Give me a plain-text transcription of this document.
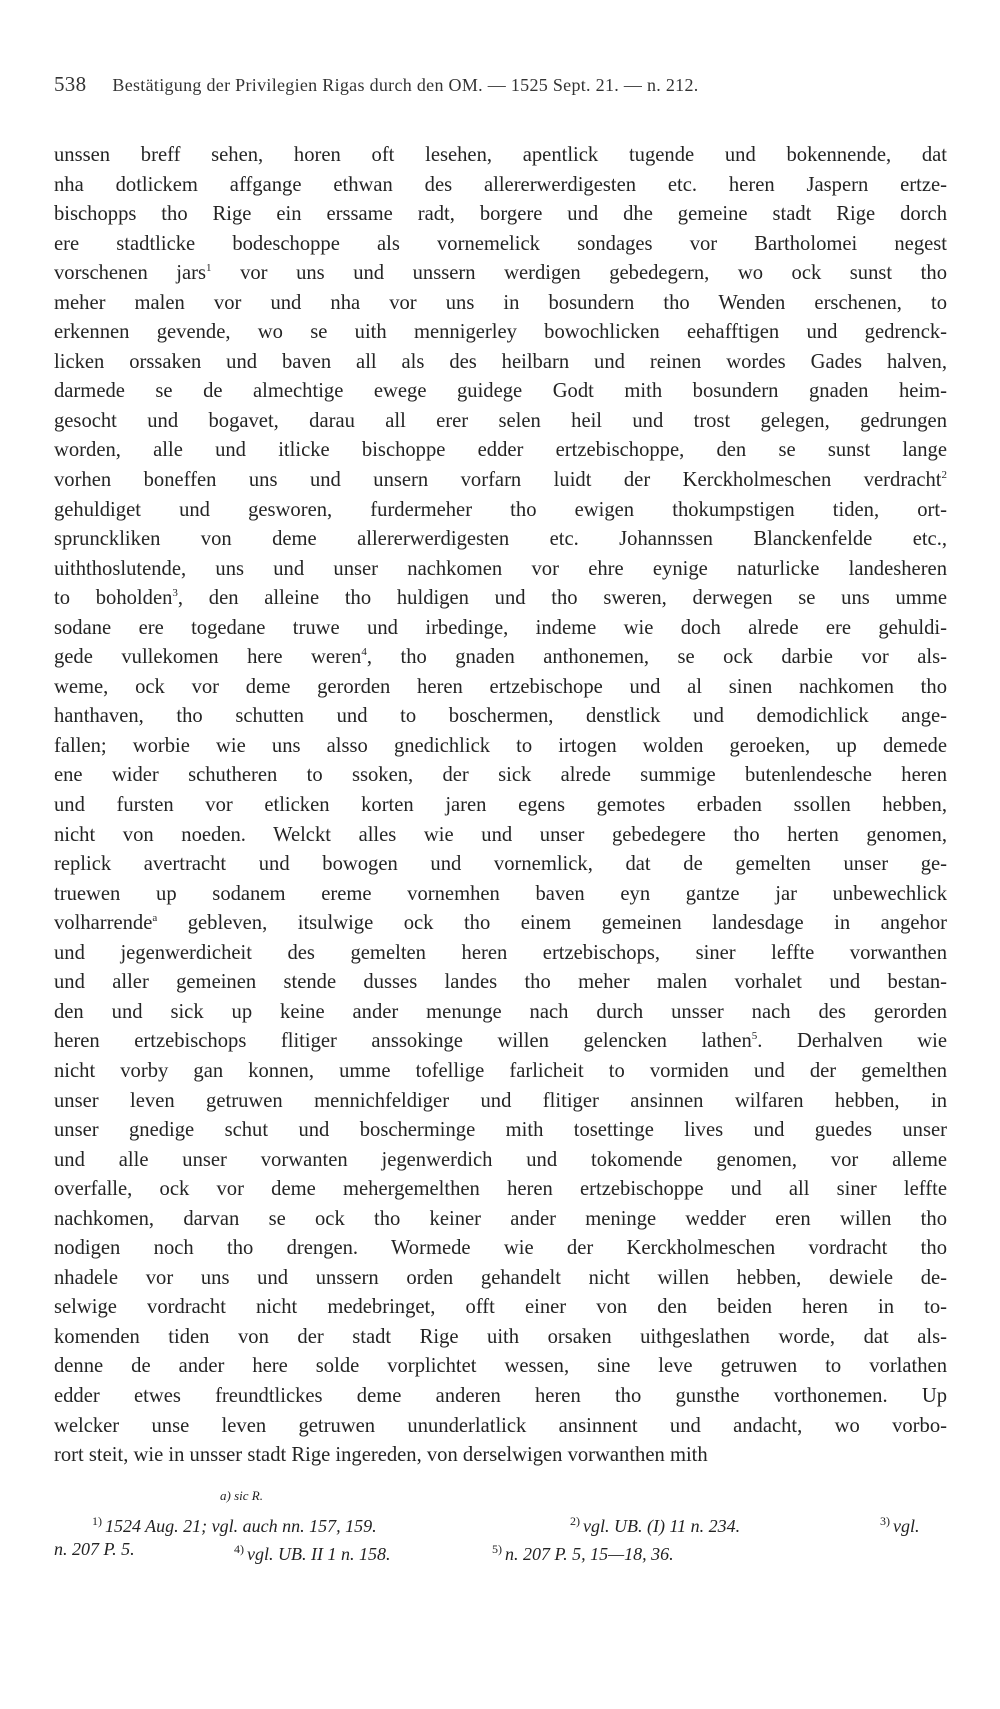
538 Bestätigung der Privilegien Rigas durch den OM. — 1525 Sept. 21. — n. 212.
unssen breff sehen, horen oft lesehen, apentlick tugende und bokennende, dat
nha dotlickem affgange ethwan des allererwerdigesten etc. heren Jaspern ertze-
bischopps tho Rige ein erssame radt, borgere und dhe gemeine stadt Rige dorch
ere stadtlicke bodeschoppe als vornemelick sondages vor Bartholomei negest
vorschenen jars$^1$ vor uns und unssern werdigen gebedegern, wo ock sunst tho
meher malen vor und nha vor uns in bosundern tho Wenden erschenen, to
erkennen gevende, wo se uith mennigerley bowochlicken eehafftigen und gedrenck-
licken orssaken und baven all als des heilbarn und reinen wordes Gades halven,
darmede se de almechtige ewege guidege Godt mith bosundern gnaden heim-
gesocht und bogavet, darau all erer selen heil und trost gelegen, gedrungen
worden, alle und itlicke bischoppe edder ertzebischoppe, den se sunst lange
vorhen boneffen uns und unsern vorfarn luidt der Kerckholmeschen verdracht$^2$
gehuldiget und gesworen, furdermeher tho ewigen thokumpstigen tiden, ort-
sprunckliken von deme allererwerdigesten etc. Johannssen Blanckenfelde etc.,
uiththoslutende, uns und unser nachkomen vor ehre eynige naturlicke landesheren
to boholden$^3$, den alleine tho huldigen und tho sweren, derwegen se uns umme
sodane ere togedane truwe und irbedinge, indeme wie doch alrede ere gehuldi-
gede vullekomen here weren$^4$, tho gnaden anthonemen, se ock darbie vor als-
weme, ock vor deme gerorden heren ertzebischope und al sinen nachkomen tho
hanthaven, tho schutten und to boschermen, denstlick und demodichlick ange-
fallen; worbie wie uns alsso gnedichlick to irtogen wolden geroeken, up demede
ene wider schutheren to ssoken, der sick alrede summige butenlendesche heren
und fursten vor etlicken korten jaren egens gemotes erbaden ssollen hebben,
nicht von noeden. Welckt alles wie und unser gebedegere tho herten genomen,
replick avertracht und bowogen und vornemlick, dat de gemelten unser ge-
truewen up sodanem ereme vornemhen baven eyn gantze jar unbewechlick
volharrende$^a$ gebleven, itsulwige ock tho einem gemeinen landesdage in angehor
und jegenwerdicheit des gemelten heren ertzebischops, siner leffte vorwanthen
und aller gemeinen stende dusses landes tho meher malen vorhalet und bestan-
den und sick up keine ander menunge nach durch unsser nach des gerorden
heren ertzebischops flitiger anssokinge willen gelencken lathen$^5$. Derhalven wie
nicht vorby gan konnen, umme tofellige farlicheit to vormiden und der gemelthen
unser leven getruwen mennichfeldiger und flitiger ansinnen wilfaren hebben, in
unser gnedige schut und boscherminge mith tosettinge lives und guedes unser
und alle unser vorwanten jegenwerdich und tokomende genomen, vor alleme
overfalle, ock vor deme mehergemelthen heren ertzebischoppe und all siner leffte
nachkomen, darvan se ock tho keiner ander meninge wedder eren willen tho
nodigen noch tho drengen. Wormede wie der Kerckholmeschen vordracht tho
nhadele vor uns und unssern orden gehandelt nicht willen hebben, dewiele de-
selwige vordracht nicht medebringet, offt einer von den beiden heren in to-
komenden tiden von der stadt Rige uith orsaken uithgeslathen worde, dat als-
denne de ander here solde vorplichtet wessen, sine leve getruwen to vorlathen
edder etwes freundtlickes deme anderen heren tho gunsthe vorthonemen. Up
welcker unse leven getruwen ununderlatlick ansinnent und andacht, wo vorbo-
rort steit, wie in unsser stadt Rige ingereden, von derselwigen vorwanthen mith
a) sic R.
$^{1)}$ 1524 Aug. 21; vgl. auch nn. 157, 159.	$^{2)}$ vgl. UB. (I) 11 n. 234.	$^{3)}$ vgl.
n. 207 P. 5.	$^{4)}$ vgl. UB. II 1 n. 158.	$^{5)}$ n. 207 P. 5, 15—18, 36.
